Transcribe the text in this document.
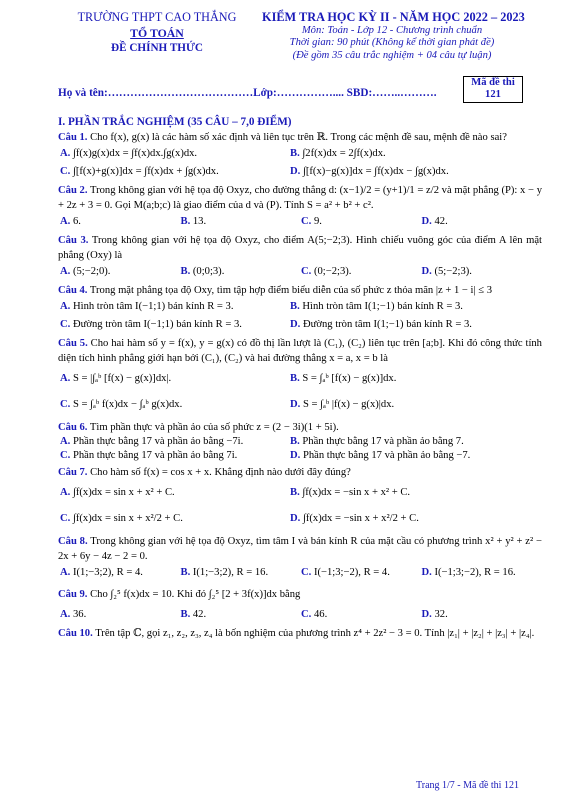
TRƯỜNG THPT CAO THẮNG
TỔ TOÁN
ĐỀ CHÍNH THỨC
KIỂM TRA HỌC KỲ II - NĂM HỌC 2022 – 2023
Môn: Toán - Lớp 12 - Chương trình chuẩn
Thời gian: 90 phút (Không kể thời gian phát đề)
(Đề gồm 35 câu trắc nghiệm + 04 câu tự luận)
Mã đề thi
121
Họ và tên:…………………………………Lớp:…………….... SBD:……..……….
I. PHẦN TRẮC NGHIỆM (35 CÂU – 7,0 ĐIỂM)
Câu 1. Cho f(x), g(x) là các hàm số xác định và liên tục trên ℝ. Trong các mệnh đề sau, mệnh đề nào sai?
A. ∫f(x)g(x)dx = ∫f(x)dx.∫g(x)dx.	B. ∫2f(x)dx = 2∫f(x)dx.
C. ∫[f(x)+g(x)]dx = ∫f(x)dx + ∫g(x)dx.	D. ∫[f(x)−g(x)]dx = ∫f(x)dx − ∫g(x)dx.
Câu 2. Trong không gian với hệ tọa độ Oxyz, cho đường thẳng d: (x−1)/2 = (y+1)/1 = z/2 và mặt phẳng (P): x − y + 2z + 3 = 0. Gọi M(a;b;c) là giao điểm của d và (P). Tính S = a² + b² + c².
A. 6.	B. 13.	C. 9.	D. 42.
Câu 3. Trong không gian với hệ tọa độ Oxyz, cho điểm A(5;−2;3). Hình chiếu vuông góc của điểm A lên mặt phẳng (Oxy) là
A. (5;−2;0).	B. (0;0;3).	C. (0;−2;3).	D. (5;−2;3).
Câu 4. Trong mặt phẳng tọa độ Oxy, tìm tập hợp điểm biểu diễn của số phức z thỏa mãn |z + 1 − i| ≤ 3
A. Hình tròn tâm I(−1;1) bán kính R = 3.	B. Hình tròn tâm I(1;−1) bán kính R = 3.
C. Đường tròn tâm I(−1;1) bán kính R = 3.	D. Đường tròn tâm I(1;−1) bán kính R = 3.
Câu 5. Cho hai hàm số y = f(x), y = g(x) có đồ thị lần lượt là (C₁), (C₂) liên tục trên [a;b]. Khi đó công thức tính diện tích hình phẳng giới hạn bởi (C₁), (C₂) và hai đường thẳng x = a, x = b là
A. S = |∫ₐᵇ [f(x) − g(x)]dx|.	B. S = ∫ₐᵇ [f(x) − g(x)]dx.
C. S = ∫ₐᵇ f(x)dx − ∫ₐᵇ g(x)dx.	D. S = ∫ₐᵇ |f(x) − g(x)|dx.
Câu 6. Tìm phần thực và phần ảo của số phức z = (2 − 3i)(1 + 5i).
A. Phần thực bằng 17 và phần ảo bằng −7i.	B. Phần thực bằng 17 và phần ảo bằng 7.
C. Phần thực bằng 17 và phần ảo bằng 7i.	D. Phần thực bằng 17 và phần ảo bằng −7.
Câu 7. Cho hàm số f(x) = cos x + x. Khẳng định nào dưới đây đúng?
A. ∫f(x)dx = sin x + x² + C.	B. ∫f(x)dx = −sin x + x² + C.
C. ∫f(x)dx = sin x + x²/2 + C.	D. ∫f(x)dx = −sin x + x²/2 + C.
Câu 8. Trong không gian với hệ tọa độ Oxyz, tìm tâm I và bán kính R của mặt cầu có phương trình x² + y² + z² − 2x + 6y − 4z − 2 = 0.
A. I(1;−3;2), R = 4.	B. I(1;−3;2), R = 16.	C. I(−1;3;−2), R = 4.	D. I(−1;3;−2), R = 16.
Câu 9. Cho ∫₂⁵ f(x)dx = 10. Khi đó ∫₂⁵ [2 + 3f(x)]dx bằng
A. 36.	B. 42.	C. 46.	D. 32.
Câu 10. Trên tập ℂ, gọi z₁, z₂, z₃, z₄ là bốn nghiệm của phương trình z⁴ + 2z² − 3 = 0. Tính |z₁| + |z₂| + |z₃| + |z₄|.
Trang 1/7 - Mã đề thi 121
